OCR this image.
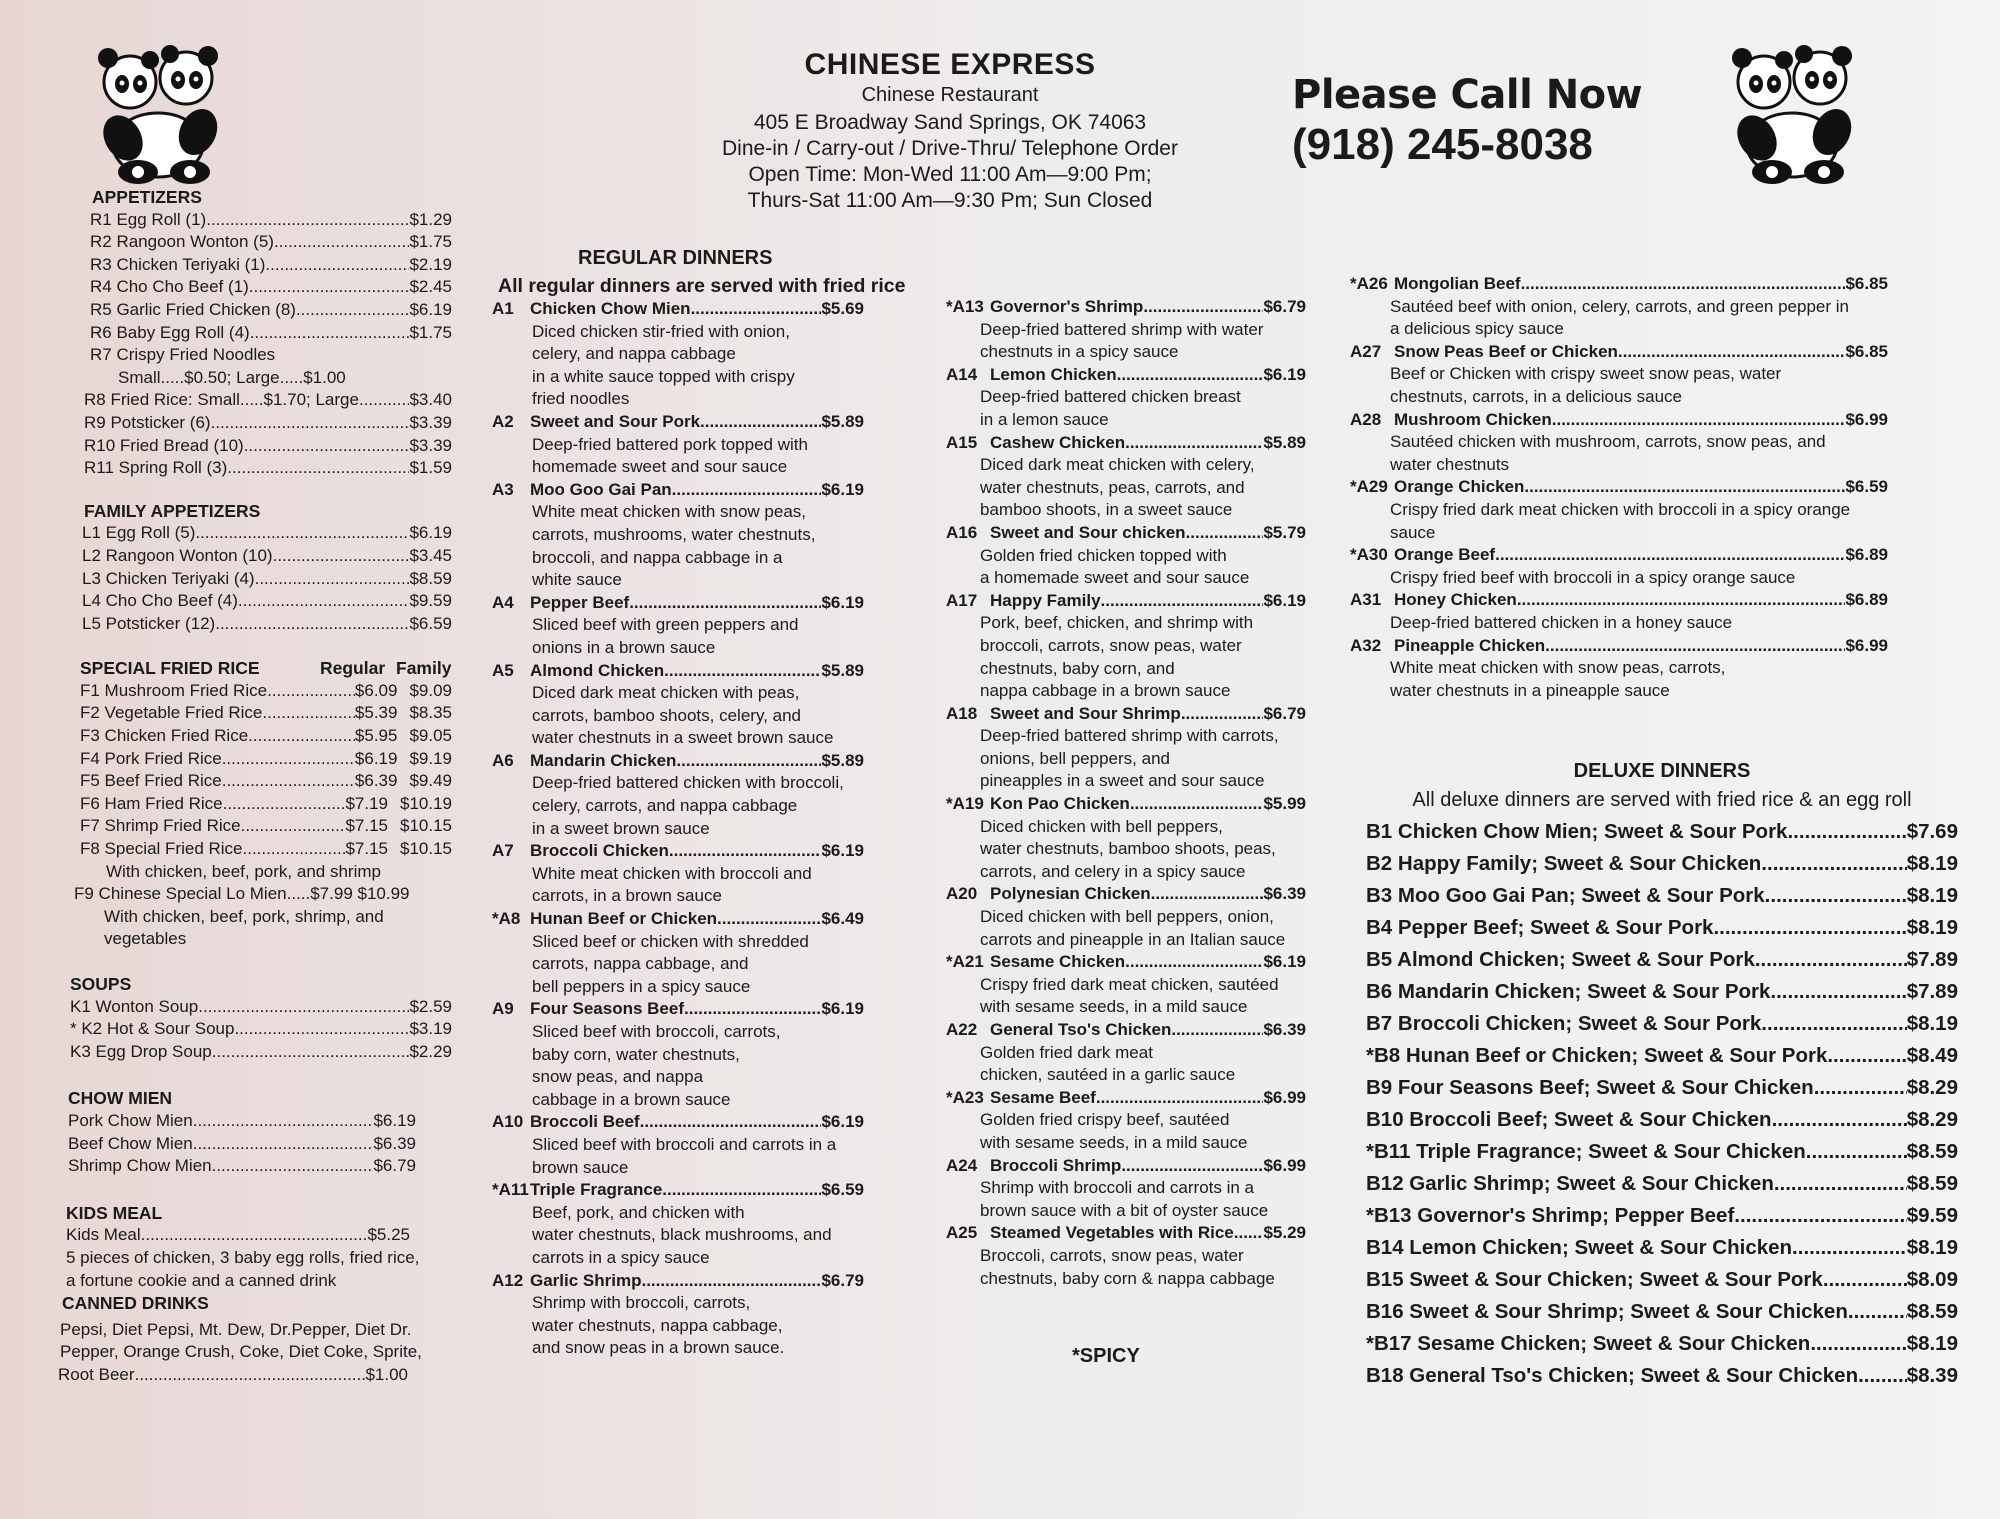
CHINESE EXPRESS
Chinese Restaurant
405 E Broadway Sand Springs, OK 74063
Dine-in / Carry-out / Drive-Thru/ Telephone Order
Open Time: Mon-Wed 11:00 Am—9:00 Pm;
Thurs-Sat 11:00 Am—9:30 Pm; Sun Closed
Please Call Now
(918) 245-8038
APPETIZERS
R1 Egg Roll (1) .....	$1.29
R2 Rangoon Wonton (5) .....	$1.75
R3 Chicken Teriyaki (1) .....	$2.19
R4 Cho Cho Beef (1) .....	$2.45
R5 Garlic Fried Chicken (8) .....	$6.19
R6 Baby Egg Roll (4) .....	$1.75
R7 Crispy Fried Noodles
Small.....$0.50; Large.....$1.00
R8 Fried Rice: Small.....$1.70; Large .....	$3.40
R9 Potsticker (6) .....	$3.39
R10 Fried Bread (10) .....	$3.39
R11 Spring Roll (3) .....	$1.59
FAMILY APPETIZERS
L1 Egg Roll (5) .....	$6.19
L2 Rangoon Wonton (10) .....	$3.45
L3 Chicken Teriyaki (4) .....	$8.59
L4 Cho Cho Beef (4) .....	$9.59
L5 Potsticker (12) .....	$6.59
SPECIAL FRIED RICE	Regular Family
F1 Mushroom Fried Rice .....	$6.09 $9.09
F2 Vegetable Fried Rice .....	$5.39 $8.35
F3 Chicken Fried Rice .....	$5.95 $9.05
F4 Pork Fried Rice .....	$6.19 $9.19
F5 Beef Fried Rice .....	$6.39 $9.49
F6 Ham Fried Rice .....	$7.19 $10.19
F7 Shrimp Fried Rice .....	$7.15 $10.15
F8 Special Fried Rice .....	$7.15 $10.15
With chicken, beef, pork, and shrimp
F9 Chinese Special Lo Mien.....$7.99 $10.99
With chicken, beef, pork, shrimp, and
vegetables
SOUPS
K1 Wonton Soup .....	$2.59
* K2 Hot & Sour Soup .....	$3.19
K3 Egg Drop Soup .....	$2.29
CHOW MIEN
Pork Chow Mien .....	$6.19
Beef Chow Mien .....	$6.39
Shrimp Chow Mien .....	$6.79
KIDS MEAL
Kids Meal .....	$5.25
5 pieces of chicken, 3 baby egg rolls, fried rice,
a fortune cookie and a canned drink
CANNED DRINKS
Pepsi, Diet Pepsi, Mt. Dew, Dr.Pepper, Diet Dr.
Pepper, Orange Crush, Coke, Diet Coke, Sprite,
Root Beer .....	$1.00
REGULAR DINNERS
All regular dinners are served with fried rice
A1 Chicken Chow Mien .....	$5.69
Diced chicken stir-fried with onion,
celery, and nappa cabbage
in a white sauce topped with crispy
fried noodles
A2 Sweet and Sour Pork .....	$5.89
Deep-fried battered pork topped with
homemade sweet and sour sauce
A3 Moo Goo Gai Pan .....	$6.19
White meat chicken with snow peas,
carrots, mushrooms, water chestnuts,
broccoli, and nappa cabbage in a
white sauce
A4 Pepper Beef .....	$6.19
Sliced beef with green peppers and
onions in a brown sauce
A5 Almond Chicken .....	$5.89
Diced dark meat chicken with peas,
carrots, bamboo shoots, celery, and
water chestnuts in a sweet brown sauce
A6 Mandarin Chicken .....	$5.89
Deep-fried battered chicken with broccoli,
celery, carrots, and nappa cabbage
in a sweet brown sauce
A7 Broccoli Chicken .....	$6.19
White meat chicken with broccoli and
carrots, in a brown sauce
*A8 Hunan Beef or Chicken .....	$6.49
Sliced beef or chicken with shredded
carrots, nappa cabbage, and
bell peppers in a spicy sauce
A9 Four Seasons Beef .....	$6.19
Sliced beef with broccoli, carrots,
baby corn, water chestnuts,
snow peas, and nappa
cabbage in a brown sauce
A10 Broccoli Beef .....	$6.19
Sliced beef with broccoli and carrots in a
brown sauce
*A11 Triple Fragrance .....	$6.59
Beef, pork, and chicken with
water chestnuts, black mushrooms, and
carrots in a spicy sauce
A12 Garlic Shrimp .....	$6.79
Shrimp with broccoli, carrots,
water chestnuts, nappa cabbage,
and snow peas in a brown sauce.
*A13 Governor's Shrimp .....	$6.79
Deep-fried battered shrimp with water
chestnuts in a spicy sauce
A14 Lemon Chicken .....	$6.19
Deep-fried battered chicken breast
in a lemon sauce
A15 Cashew Chicken .....	$5.89
Diced dark meat chicken with celery,
water chestnuts, peas, carrots, and
bamboo shoots, in a sweet sauce
A16 Sweet and Sour chicken .....	$5.79
Golden fried chicken topped with
a homemade sweet and sour sauce
A17 Happy Family .....	$6.19
Pork, beef, chicken, and shrimp with
broccoli, carrots, snow peas, water
chestnuts, baby corn, and
nappa cabbage in a brown sauce
A18 Sweet and Sour Shrimp .....	$6.79
Deep-fried battered shrimp with carrots,
onions, bell peppers, and
pineapples in a sweet and sour sauce
*A19 Kon Pao Chicken .....	$5.99
Diced chicken with bell peppers,
water chestnuts, bamboo shoots, peas,
carrots, and celery in a spicy sauce
A20 Polynesian Chicken .....	$6.39
Diced chicken with bell peppers, onion,
carrots and pineapple in an Italian sauce
*A21 Sesame Chicken .....	$6.19
Crispy fried dark meat chicken, sautéed
with sesame seeds, in a mild sauce
A22 General Tso's Chicken .....	$6.39
Golden fried dark meat
chicken, sautéed in a garlic sauce
*A23 Sesame Beef .....	$6.99
Golden fried crispy beef, sautéed
with sesame seeds, in a mild sauce
A24 Broccoli Shrimp .....	$6.99
Shrimp with broccoli and carrots in a
brown sauce with a bit of oyster sauce
A25 Steamed Vegetables with Rice ..... $5.29
Broccoli, carrots, snow peas, water
chestnuts, baby corn & nappa cabbage
*SPICY
*A26 Mongolian Beef .....	$6.85
Sautéed beef with onion, celery, carrots, and green pepper in
a delicious spicy sauce
A27 Snow Peas Beef or Chicken .....	$6.85
Beef or Chicken with crispy sweet snow peas, water
chestnuts, carrots, in a delicious sauce
A28 Mushroom Chicken .....	$6.99
Sautéed chicken with mushroom, carrots, snow peas, and
water chestnuts
*A29 Orange Chicken .....	$6.59
Crispy fried dark meat chicken with broccoli in a spicy orange
sauce
*A30 Orange Beef .....	$6.89
Crispy fried beef with broccoli in a spicy orange sauce
A31 Honey Chicken .....	$6.89
Deep-fried battered chicken in a honey sauce
A32 Pineapple Chicken .....	$6.99
White meat chicken with snow peas, carrots,
water chestnuts in a pineapple sauce
DELUXE DINNERS
All deluxe dinners are served with fried rice & an egg roll
B1 Chicken Chow Mien; Sweet & Sour Pork .....	$7.69
B2 Happy Family; Sweet & Sour Chicken .....	$8.19
B3 Moo Goo Gai Pan; Sweet & Sour Pork .....	$8.19
B4 Pepper Beef; Sweet & Sour Pork .....	$8.19
B5 Almond Chicken; Sweet & Sour Pork .....	$7.89
B6 Mandarin Chicken; Sweet & Sour Pork .....	$7.89
B7 Broccoli Chicken; Sweet & Sour Pork .....	$8.19
*B8 Hunan Beef or Chicken; Sweet & Sour Pork .....	$8.49
B9 Four Seasons Beef; Sweet & Sour Chicken .....	$8.29
B10 Broccoli Beef; Sweet & Sour Chicken .....	$8.29
*B11 Triple Fragrance; Sweet & Sour Chicken .....	$8.59
B12 Garlic Shrimp; Sweet & Sour Chicken .....	$8.59
*B13 Governor's Shrimp; Pepper Beef .....	$9.59
B14 Lemon Chicken; Sweet & Sour Chicken .....	$8.19
B15 Sweet & Sour Chicken; Sweet & Sour Pork .....	$8.09
B16 Sweet & Sour Shrimp; Sweet & Sour Chicken .....	$8.59
*B17 Sesame Chicken; Sweet & Sour Chicken .....	$8.19
B18 General Tso's Chicken; Sweet & Sour Chicken ..... $8.39
